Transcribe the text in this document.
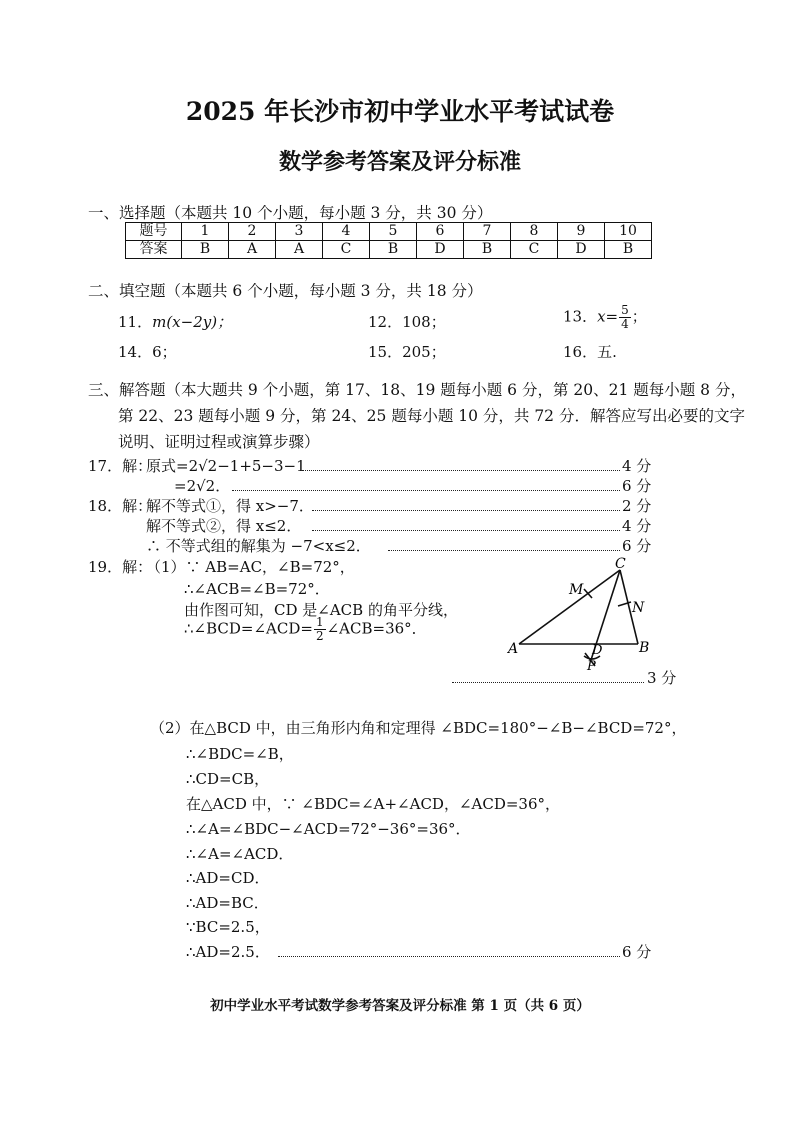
2025 年长沙市初中学业水平考试试卷
数学参考答案及评分标准
一、选择题（本题共 10 个小题，每小题 3 分，共 30 分）
题号	1	2	3	4	5	6	7	8	9	10
答案	B	A	A	C	B	D	B	C	D	B
二、填空题（本题共 6 个小题，每小题 3 分，共 18 分）
11．m(x−2y)；	12．108；	13．$x= \frac{5}{4}$ ；
14．6；	15．205；	16．五.
三、解答题（本大题共 9 个小题，第 17、18、19 题每小题 6 分，第 20、21 题每小题 8 分，
第 22、23 题每小题 9 分，第 24、25 题每小题 10 分，共 72 分．解答应写出必要的文字
说明、证明过程或演算步骤）
17．解：
原式=2√2−1+5−3−1	4 分
=2√2．	6 分
18．解：
解不等式①，得 x>−7．	2 分
解不等式②，得 x≤2．	4 分
∴ 不等式组的解集为 −7<x≤2．	6 分
19．解：
（1）∵ AB=AC，∠B=72°，
∴∠ACB=∠B=72°．
由作图可知，CD 是∠ACB 的角平分线，
∴∠BCD=∠ACD= $\frac{1}{2}$ ∠ACB=36°．
C
M
N
A	B
D
P
3 分
（2）在△BCD 中，由三角形内角和定理得 ∠BDC=180°−∠B−∠BCD=72°，
∴∠BDC=∠B，
∴CD=CB，
在△ACD 中，∵ ∠BDC=∠A+∠ACD，∠ACD=36°，
∴∠A=∠BDC−∠ACD=72°−36°=36°．
∴∠A=∠ACD．
∴AD=CD．
∴AD=BC．
∵BC=2.5，
∴AD=2.5．	6 分
初中学业水平考试数学参考答案及评分标准 第 1 页（共 6 页）
